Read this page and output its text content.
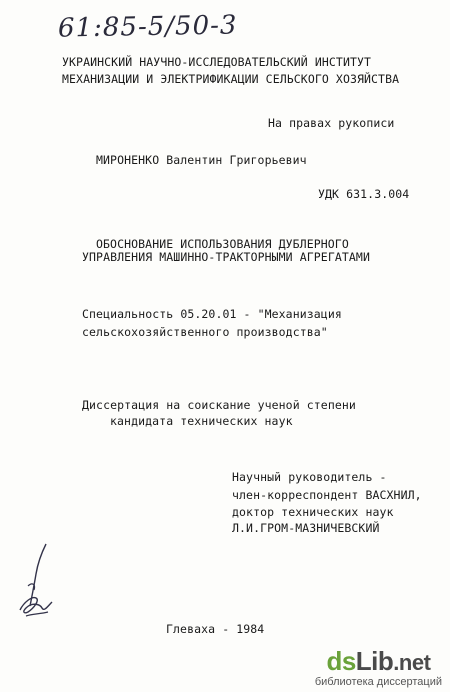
61:85-5/50-3
УКРАИНСКИЙ НАУЧНО-ИССЛЕДОВАТЕЛЬСКИЙ ИНСТИТУТ
МЕХАНИЗАЦИИ И ЭЛЕКТРИФИКАЦИИ СЕЛЬСКОГО ХОЗЯЙСТВА
На правах рукописи
МИРОНЕНКО Валентин Григорьевич
УДК 631.3.004
ОБОСНОВАНИЕ ИСПОЛЬЗОВАНИЯ ДУБЛЕРНОГО
УПРАВЛЕНИЯ МАШИННО-ТРАКТОРНЫМИ АГРЕГАТАМИ
Специальность 05.20.01 - "Механизация
сельскохозяйственного производства"
Диссертация на соискание ученой степени
кандидата технических наук
Научный руководитель -
член-корреспондент ВАСХНИЛ,
доктор технических наук
Л.И.ГРОМ-МАЗНИЧЕВСКИЙ
Глеваха - 1984
dsLib.net
библиотека диссертаций
